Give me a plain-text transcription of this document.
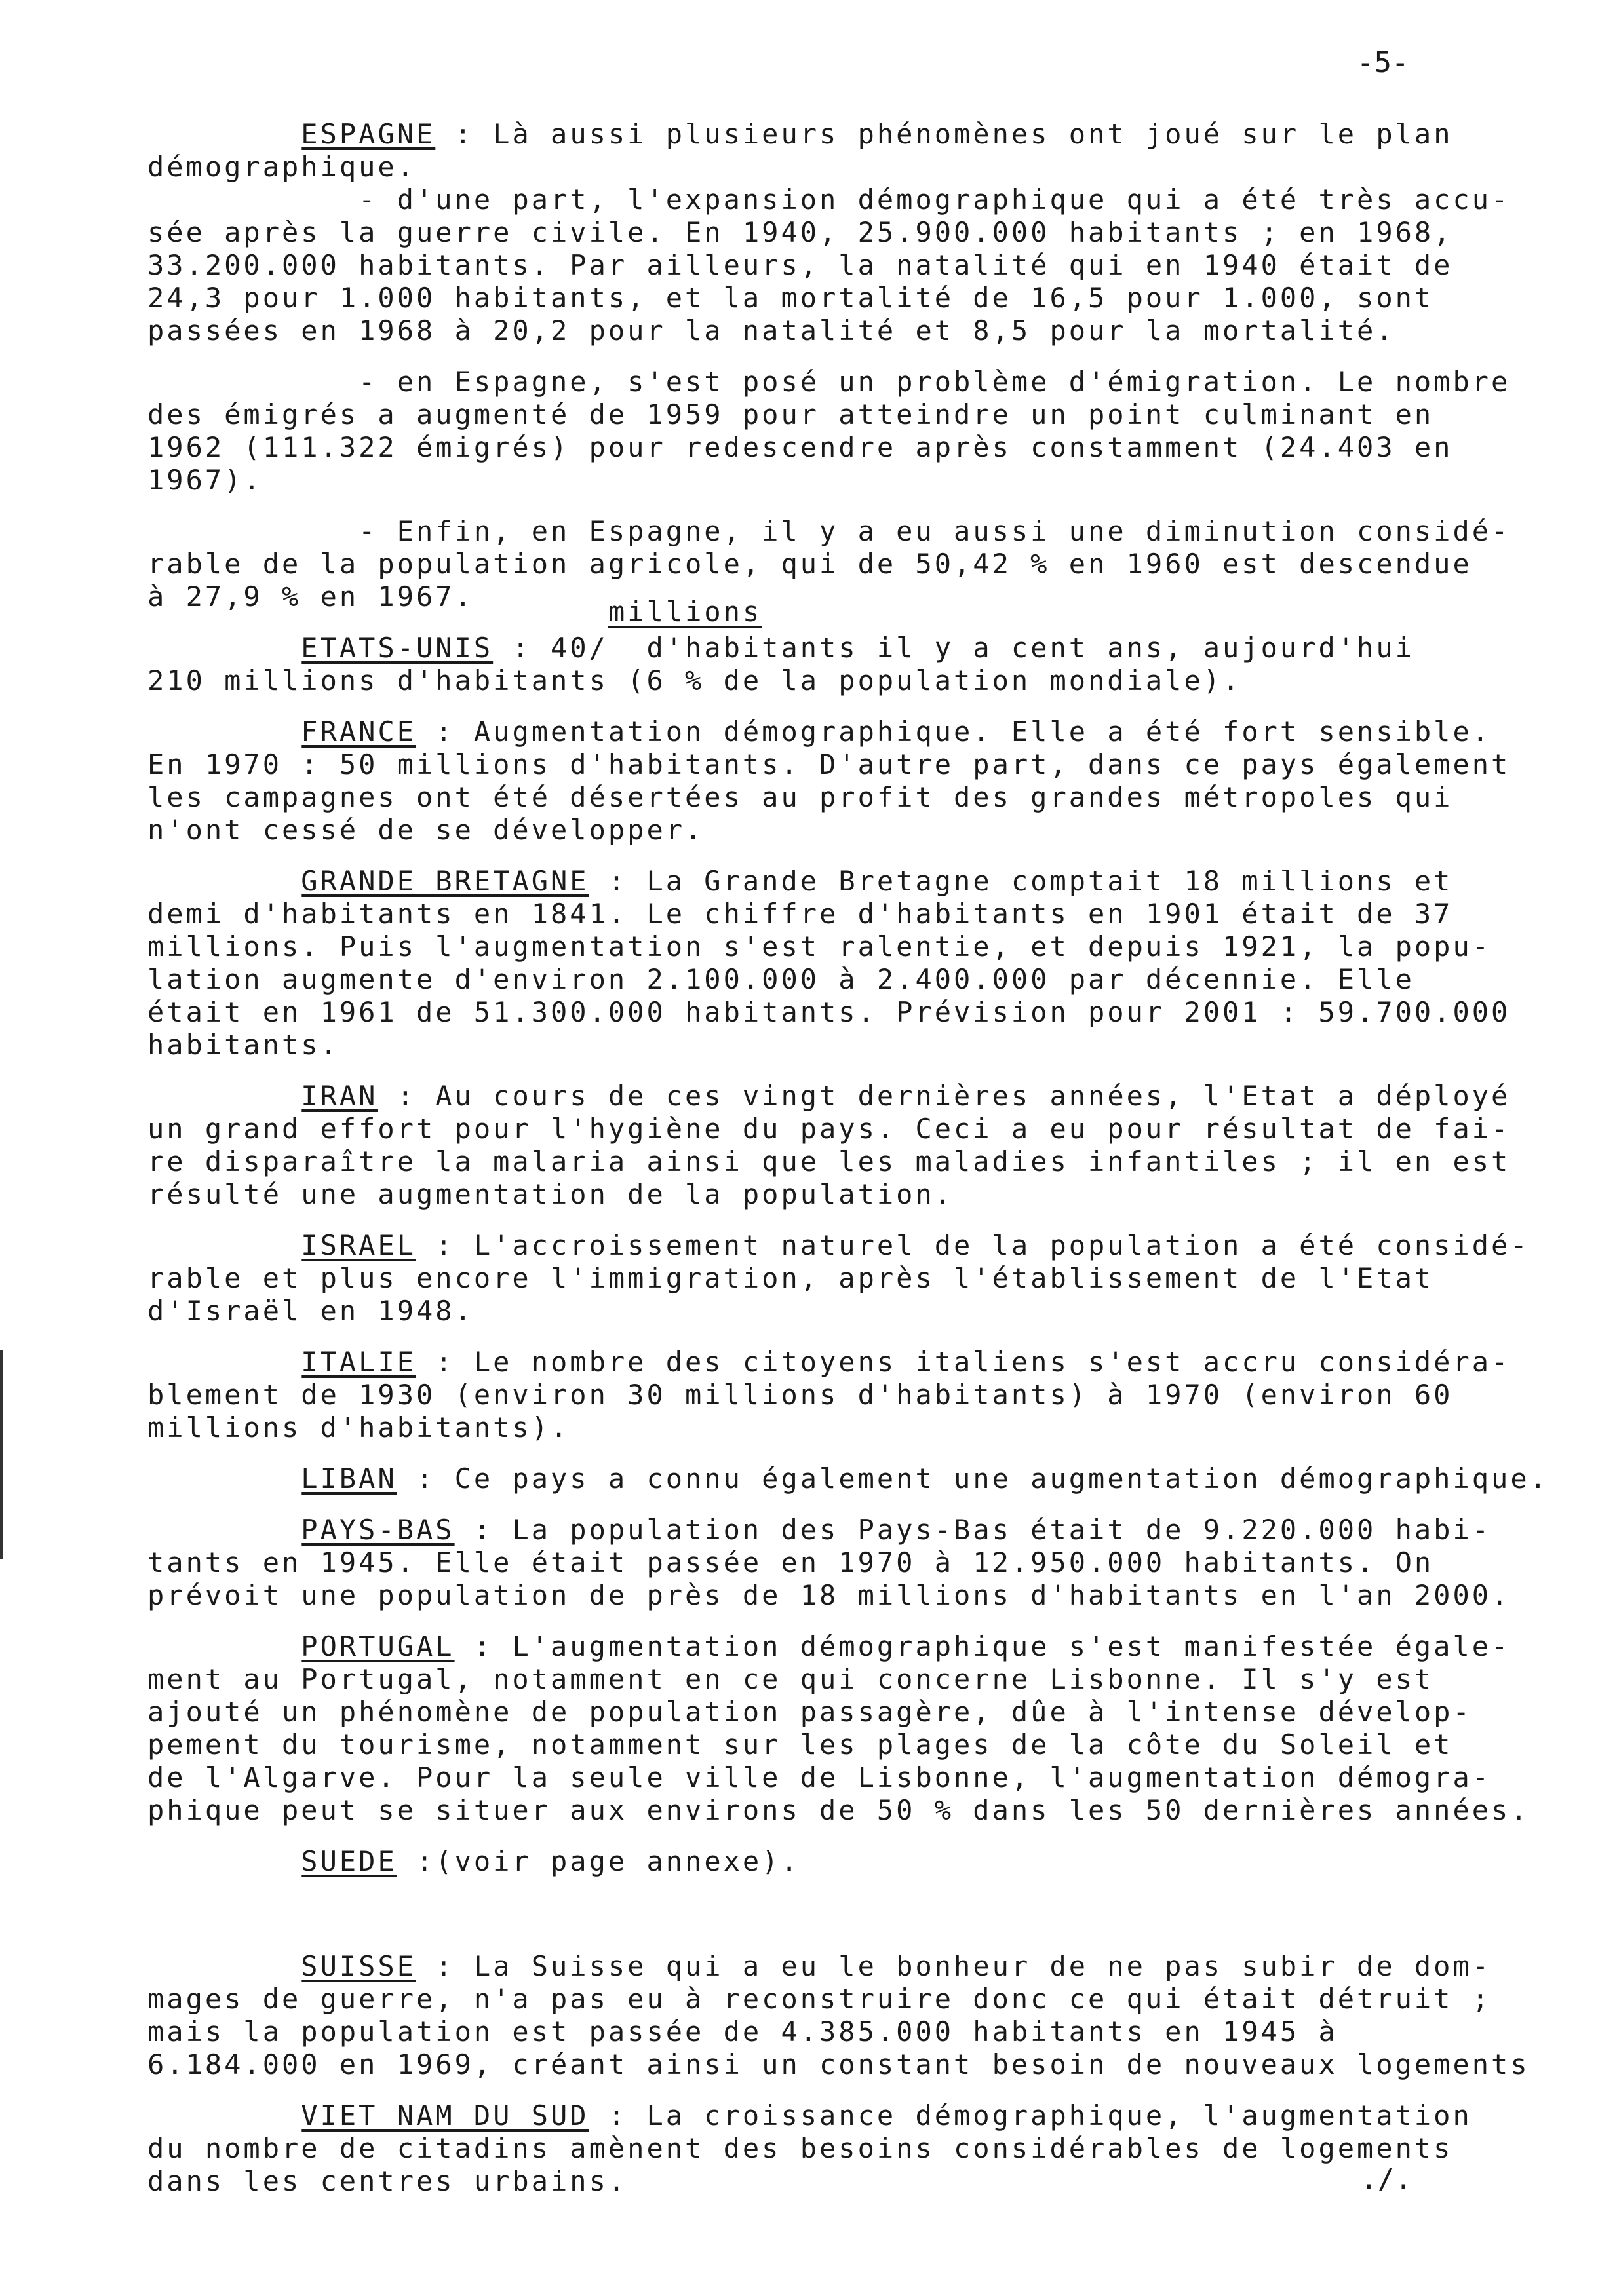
-5-

ESPAGNE : Là aussi plusieurs phénomènes ont joué sur le plan
démographique.
- d'une part, l'expansion démographique qui a été très accu-
sée après la guerre civile. En 1940, 25.900.000 habitants ; en 1968,
33.200.000 habitants. Par ailleurs, la natalité qui en 1940 était de
24,3 pour 1.000 habitants, et la mortalité de 16,5 pour 1.000, sont
passées en 1968 à 20,2 pour la natalité et 8,5 pour la mortalité.

- en Espagne, s'est posé un problème d'émigration. Le nombre
des émigrés a augmenté de 1959 pour atteindre un point culminant en
1962 (111.322 émigrés) pour redescendre après constamment (24.403 en
1967).

- Enfin, en Espagne, il y a eu aussi une diminution considé-
rable de la population agricole, qui de 50,42 % en 1960 est descendue
à 27,9 % en 1967.

ETATS-UNIS : 40/  d'habitants il y a cent ans, aujourd'hui
210 millions d'habitants (6 % de la population mondiale).

FRANCE : Augmentation démographique. Elle a été fort sensible.
En 1970 : 50 millions d'habitants. D'autre part, dans ce pays également
les campagnes ont été désertées au profit des grandes métropoles qui
n'ont cessé de se développer.

GRANDE BRETAGNE : La Grande Bretagne comptait 18 millions et
demi d'habitants en 1841. Le chiffre d'habitants en 1901 était de 37
millions. Puis l'augmentation s'est ralentie, et depuis 1921, la popu-
lation augmente d'environ 2.100.000 à 2.400.000 par décennie. Elle
était en 1961 de 51.300.000 habitants. Prévision pour 2001 : 59.700.000
habitants.

IRAN : Au cours de ces vingt dernières années, l'Etat a déployé
un grand effort pour l'hygiène du pays. Ceci a eu pour résultat de fai-
re disparaître la malaria ainsi que les maladies infantiles ; il en est
résulté une augmentation de la population.

ISRAEL : L'accroissement naturel de la population a été considé-
rable et plus encore l'immigration, après l'établissement de l'Etat
d'Israël en 1948.

ITALIE : Le nombre des citoyens italiens s'est accru considéra-
blement de 1930 (environ 30 millions d'habitants) à 1970 (environ 60
millions d'habitants).

LIBAN : Ce pays a connu également une augmentation démographique.

PAYS-BAS : La population des Pays-Bas était de 9.220.000 habi-
tants en 1945. Elle était passée en 1970 à 12.950.000 habitants. On
prévoit une population de près de 18 millions d'habitants en l'an 2000.

PORTUGAL : L'augmentation démographique s'est manifestée égale-
ment au Portugal, notamment en ce qui concerne Lisbonne. Il s'y est
ajouté un phénomène de population passagère, dûe à l'intense dévelop-
pement du tourisme, notamment sur les plages de la côte du Soleil et
de l'Algarve. Pour la seule ville de Lisbonne, l'augmentation démogra-
phique peut se situer aux environs de 50 % dans les 50 dernières années.

SUEDE :(voir page annexe).

SUISSE : La Suisse qui a eu le bonheur de ne pas subir de dom-
mages de guerre, n'a pas eu à reconstruire donc ce qui était détruit ;
mais la population est passée de 4.385.000 habitants en 1945 à
6.184.000 en 1969, créant ainsi un constant besoin de nouveaux logements

VIET NAM DU SUD : La croissance démographique, l'augmentation
du nombre de citadins amènent des besoins considérables de logements
dans les centres urbains.

millions
./.
